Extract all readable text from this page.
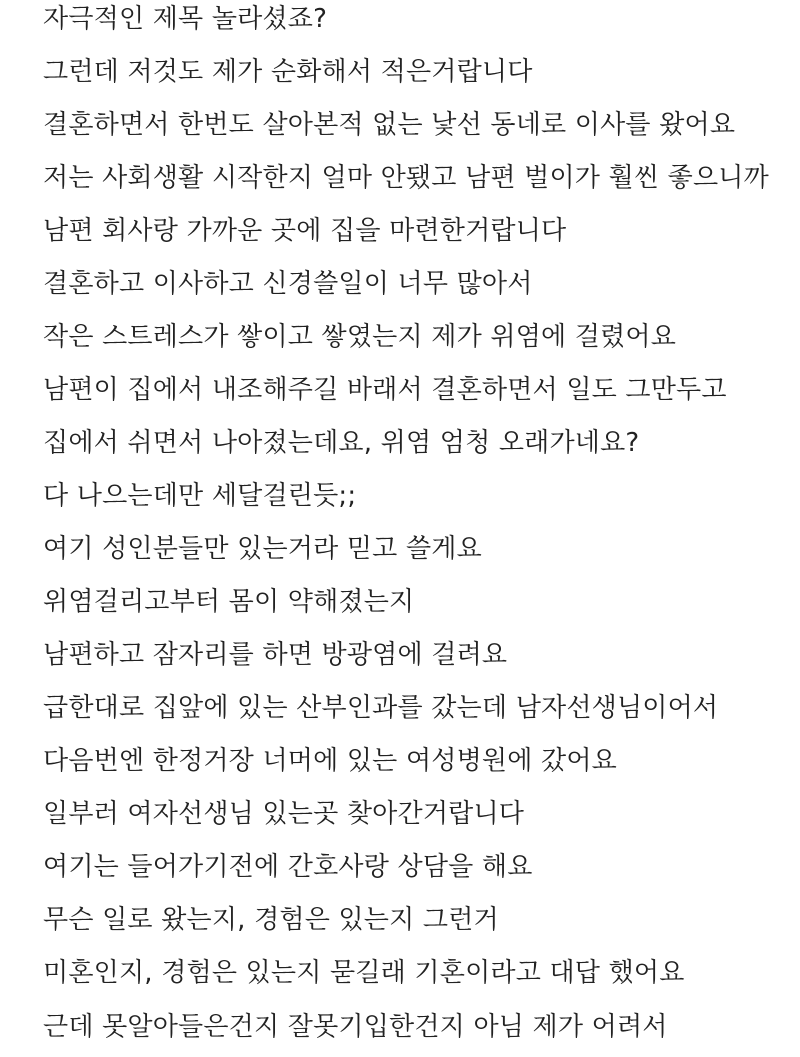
자극적인 제목 놀라셨죠?
그런데 저것도 제가 순화해서 적은거랍니다
결혼하면서 한번도 살아본적 없는 낯선 동네로 이사를 왔어요
저는 사회생활 시작한지 얼마 안됐고 남편 벌이가 훨씬 좋으니까
남편 회사랑 가까운 곳에 집을 마련한거랍니다
결혼하고 이사하고 신경쓸일이 너무 많아서
작은 스트레스가 쌓이고 쌓였는지 제가 위염에 걸렸어요
남편이 집에서 내조해주길 바래서 결혼하면서 일도 그만두고
집에서 쉬면서 나아졌는데요, 위염 엄청 오래가네요?
다 나으는데만 세달걸린듯;;
여기 성인분들만 있는거라 믿고 쓸게요
위염걸리고부터 몸이 약해졌는지
남편하고 잠자리를 하면 방광염에 걸려요
급한대로 집앞에 있는 산부인과를 갔는데 남자선생님이어서
다음번엔 한정거장 너머에 있는 여성병원에 갔어요
일부러 여자선생님 있는곳 찾아간거랍니다
여기는 들어가기전에 간호사랑 상담을 해요
무슨 일로 왔는지, 경험은 있는지 그런거
미혼인지, 경험은 있는지 묻길래 기혼이라고 대답 했어요
근데 못알아들은건지 잘못기입한건지 아님 제가 어려서
